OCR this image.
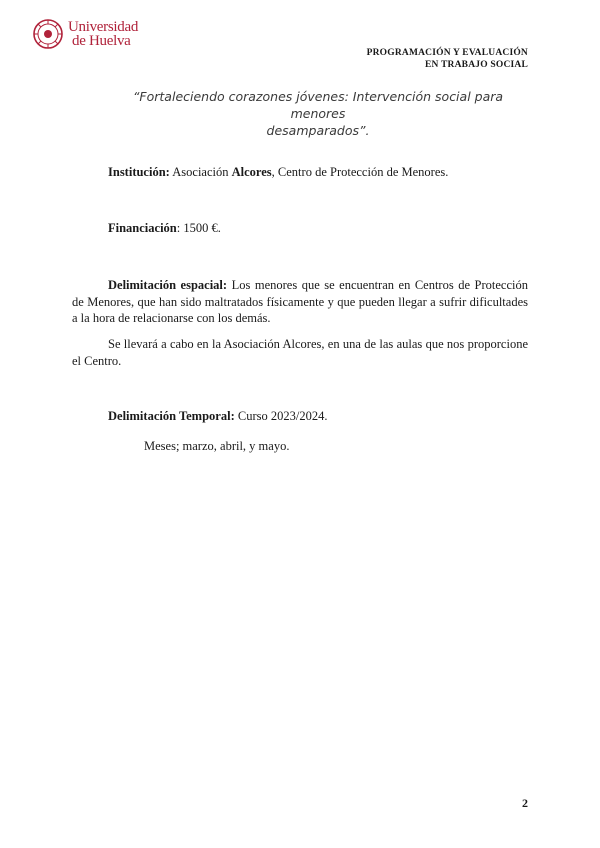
Universidad
de Huelva
PROGRAMACIÓN Y EVALUACIÓN
EN TRABAJO SOCIAL
“Fortaleciendo corazones jóvenes: Intervención social para menores
desamparados”.

Institución: Asociación Alcores, Centro de Protección de Menores.

Financiación: 1500 €.

Delimitación espacial: Los menores que se encuentran en Centros de Protección de Menores, que han sido maltratados físicamente y que pueden llegar a sufrir dificultades a la hora de relacionarse con los demás.

Se llevará a cabo en la Asociación Alcores, en una de las aulas que nos proporcione el Centro.

Delimitación Temporal: Curso 2023/2024.

Meses; marzo, abril, y mayo.

2
